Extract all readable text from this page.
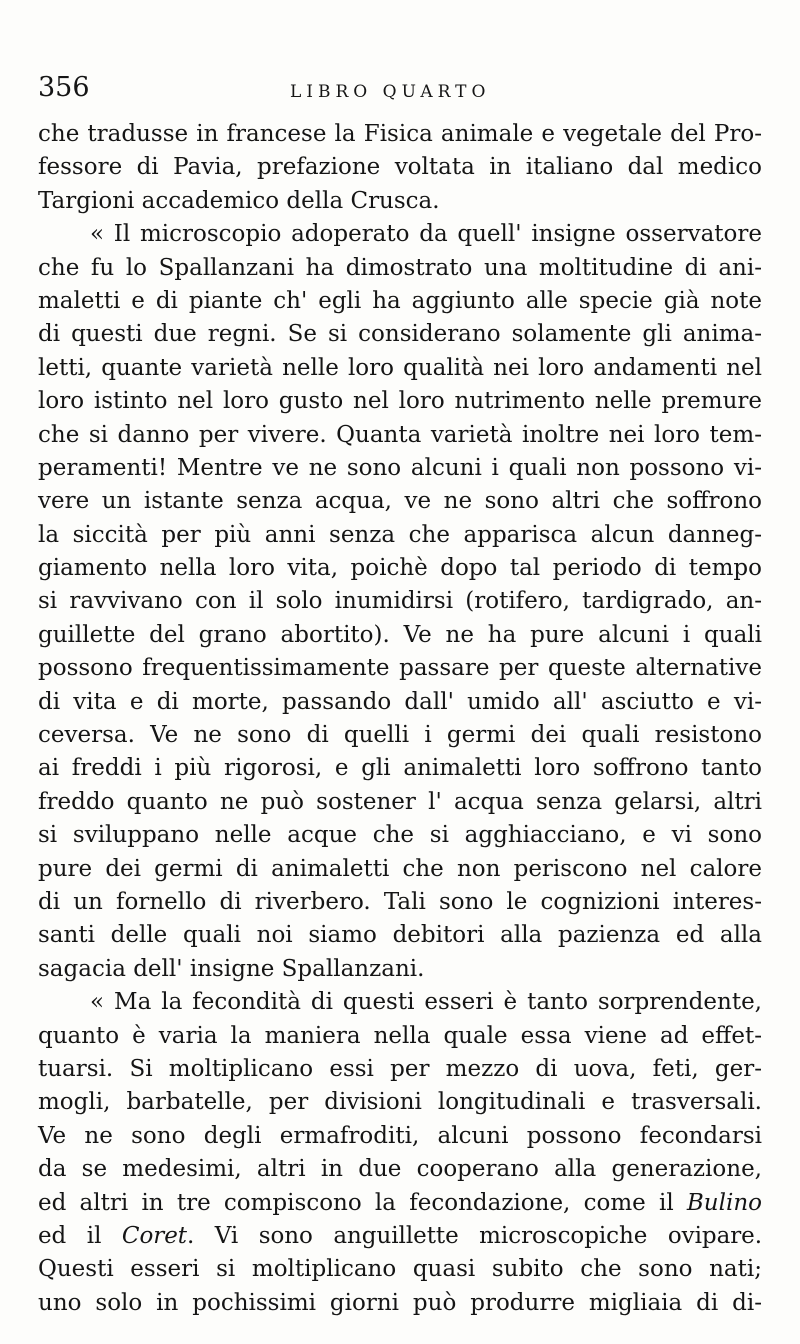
356	LIBRO QUARTO
che tradusse in francese la Fisica animale e vegetale del Pro-
fessore di Pavia, prefazione voltata in italiano dal medico
Targioni accademico della Crusca.
« Il microscopio adoperato da quell' insigne osservatore
che fu lo Spallanzani ha dimostrato una moltitudine di ani-
maletti e di piante ch' egli ha aggiunto alle specie già note
di questi due regni. Se si considerano solamente gli anima-
letti, quante varietà nelle loro qualità nei loro andamenti nel
loro istinto nel loro gusto nel loro nutrimento nelle premure
che si danno per vivere. Quanta varietà inoltre nei loro tem-
peramenti! Mentre ve ne sono alcuni i quali non possono vi-
vere un istante senza acqua, ve ne sono altri che soffrono
la siccità per più anni senza che apparisca alcun danneg-
giamento nella loro vita, poichè dopo tal periodo di tempo
si ravvivano con il solo inumidirsi (rotifero, tardigrado, an-
guillette del grano abortito). Ve ne ha pure alcuni i quali
possono frequentissimamente passare per queste alternative
di vita e di morte, passando dall' umido all' asciutto e vi-
ceversa. Ve ne sono di quelli i germi dei quali resistono
ai freddi i più rigorosi, e gli animaletti loro soffrono tanto
freddo quanto ne può sostener l' acqua senza gelarsi, altri
si sviluppano nelle acque che si agghiacciano, e vi sono
pure dei germi di animaletti che non periscono nel calore
di un fornello di riverbero. Tali sono le cognizioni interes-
santi delle quali noi siamo debitori alla pazienza ed alla
sagacia dell' insigne Spallanzani.
« Ma la fecondità di questi esseri è tanto sorprendente,
quanto è varia la maniera nella quale essa viene ad effet-
tuarsi. Si moltiplicano essi per mezzo di uova, feti, ger-
mogli, barbatelle, per divisioni longitudinali e trasversali.
Ve ne sono degli ermafroditi, alcuni possono fecondarsi
da se medesimi, altri in due cooperano alla generazione,
ed altri in tre compiscono la fecondazione, come il Bulino
ed il Coret. Vi sono anguillette microscopiche ovipare.
Questi esseri si moltiplicano quasi subito che sono nati;
uno solo in pochissimi giorni può produrre migliaia di di-
